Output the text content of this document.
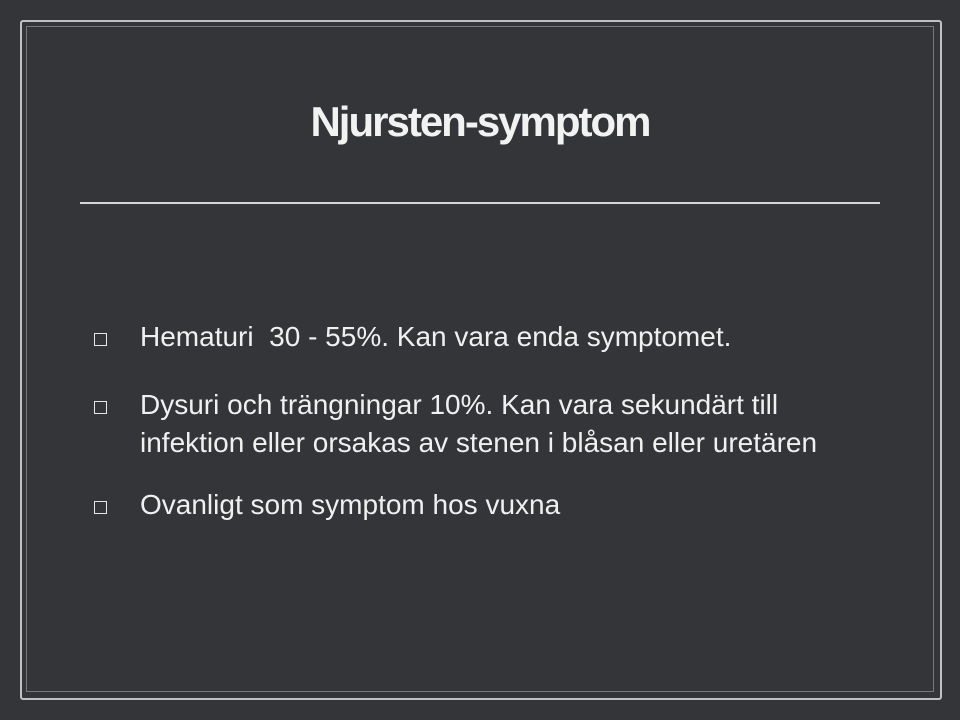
Njursten-symptom
Hematuri  30 - 55%. Kan vara enda symptomet.
Dysuri och trängningar 10%. Kan vara sekundärt till infektion eller orsakas av stenen i blåsan eller uretären
Ovanligt som symptom hos vuxna
